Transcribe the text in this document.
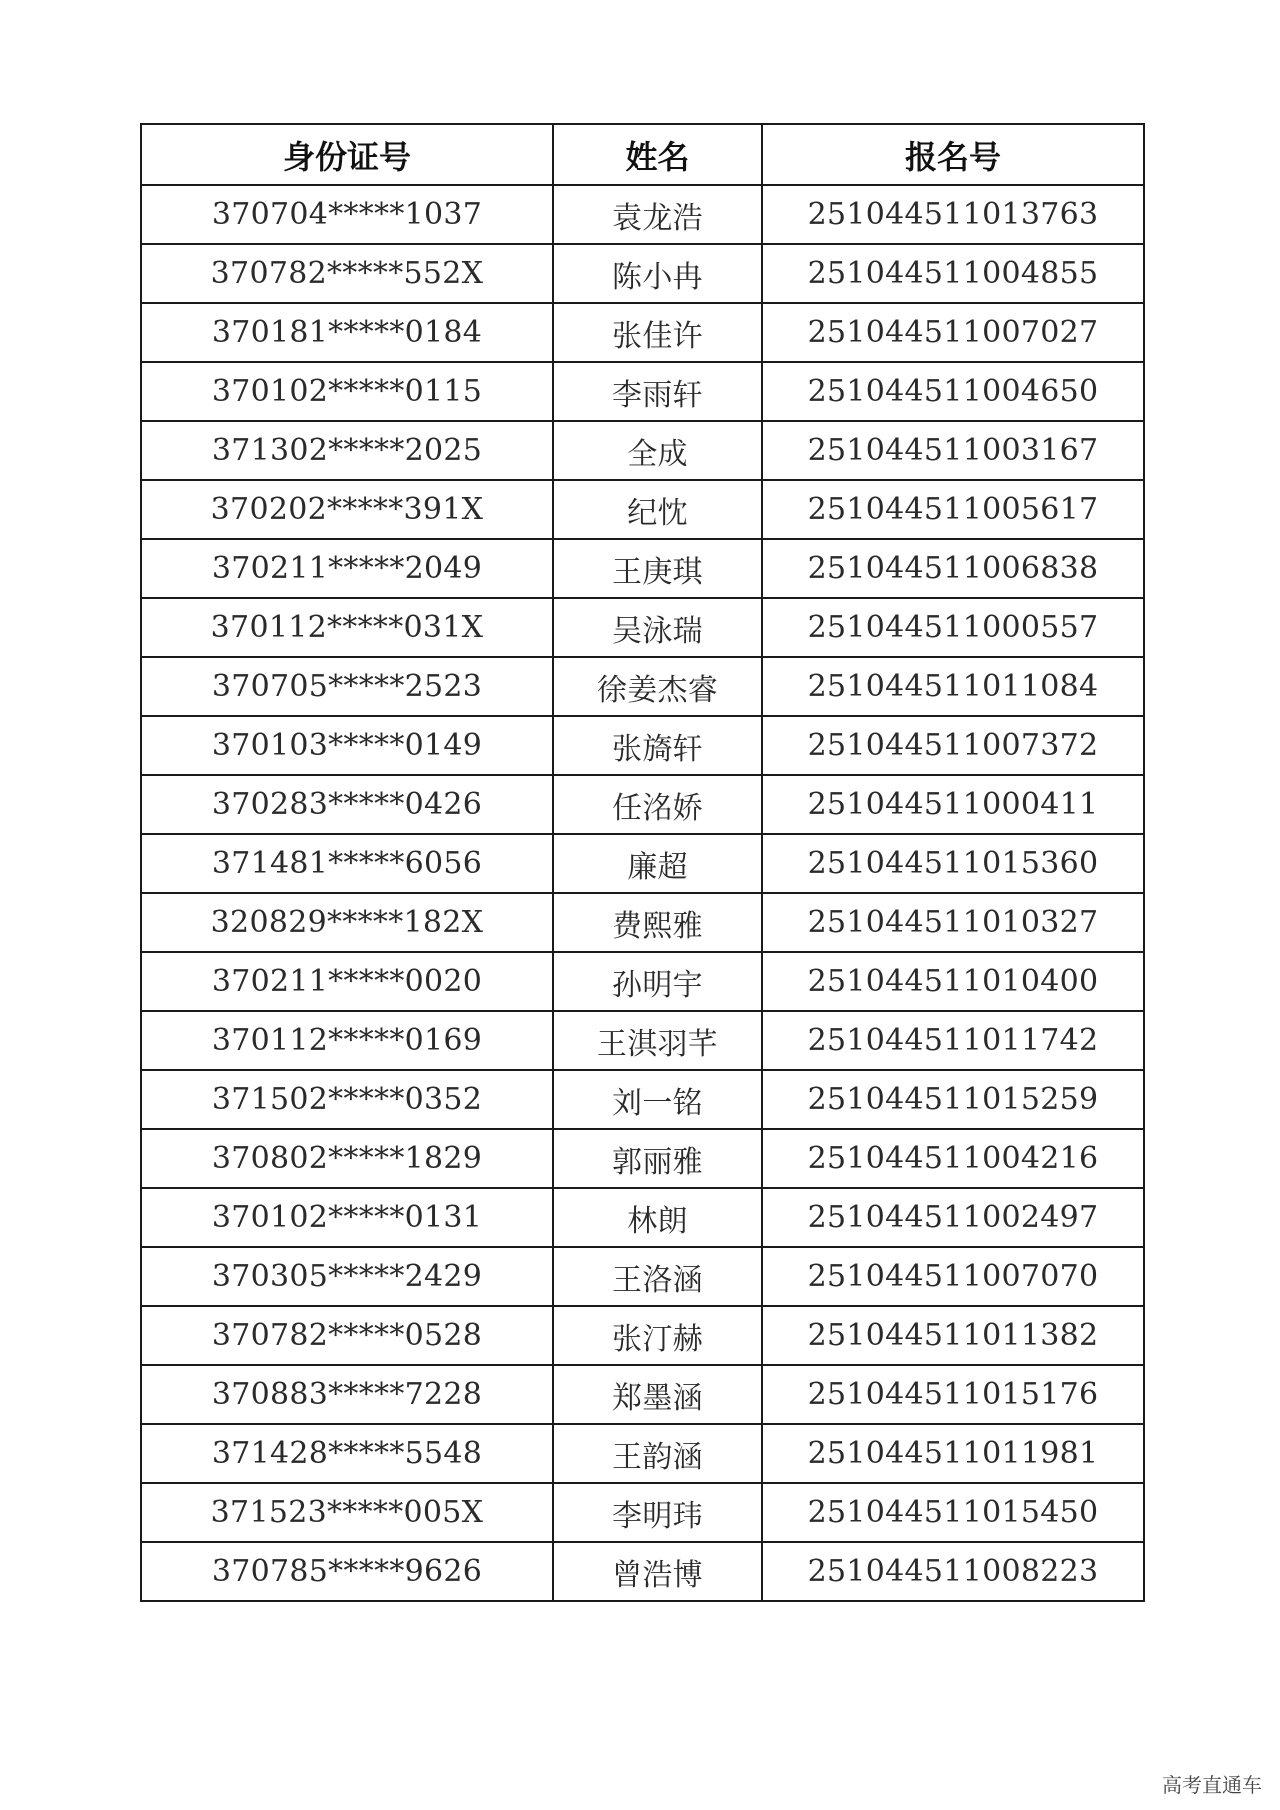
身份证号	姓名	报名号
370704*****1037	袁龙浩	251044511013763
370782*****552X	陈小冉	251044511004855
370181*****0184	张佳许	251044511007027
370102*****0115	李雨轩	251044511004650
371302*****2025	全成	251044511003167
370202*****391X	纪忱	251044511005617
370211*****2049	王庚琪	251044511006838
370112*****031X	吴泳瑞	251044511000557
370705*****2523	徐姜杰睿	251044511011084
370103*****0149	张旖轩	251044511007372
370283*****0426	任洺娇	251044511000411
371481*****6056	廉超	251044511015360
320829*****182X	费熙雅	251044511010327
370211*****0020	孙明宇	251044511010400
370112*****0169	王淇羽芊	251044511011742
371502*****0352	刘一铭	251044511015259
370802*****1829	郭丽雅	251044511004216
370102*****0131	林朗	251044511002497
370305*****2429	王洛涵	251044511007070
370782*****0528	张汀赫	251044511011382
370883*****7228	郑墨涵	251044511015176
371428*****5548	王韵涵	251044511011981
371523*****005X	李明玮	251044511015450
370785*****9626	曾浩博	251044511008223
高考直通车
